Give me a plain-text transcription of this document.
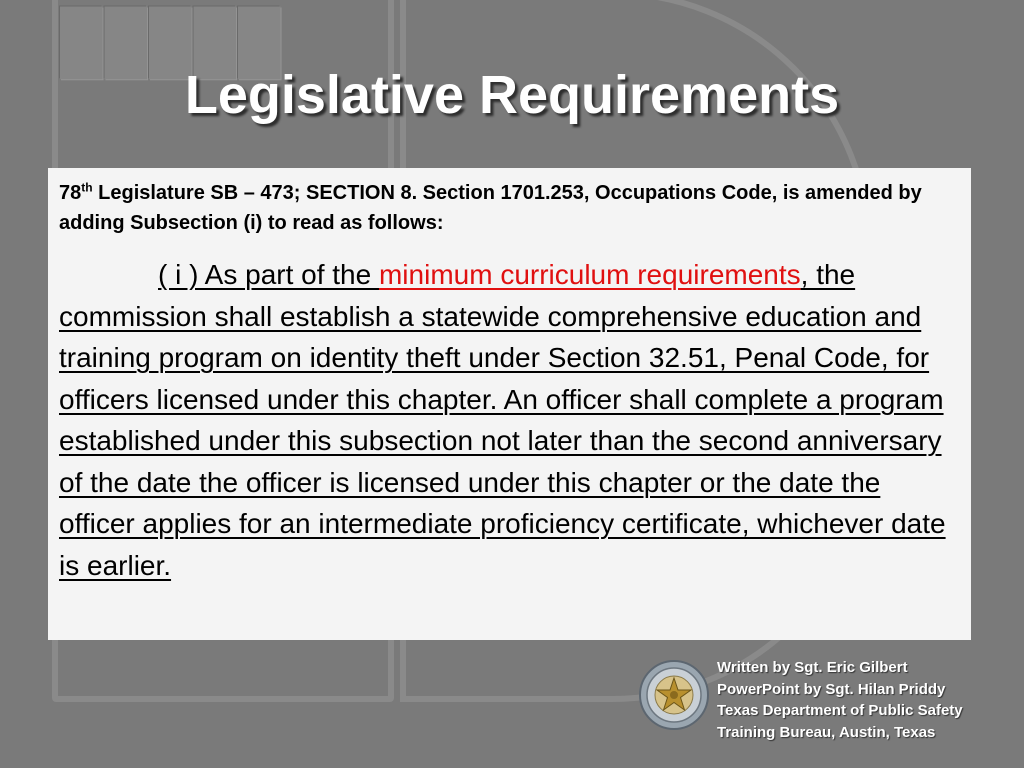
█████
Legislative Requirements
78th Legislature SB – 473; SECTION 8. Section 1701.253, Occupations Code, is amended by adding Subsection (i) to read as follows:
( i ) As part of the minimum curriculum requirements, the commission shall establish a statewide comprehensive education and training program on identity theft under Section 32.51, Penal Code, for officers licensed under this chapter. An officer shall complete a program established under this subsection not later than the second anniversary of the date the officer is licensed under this chapter or the date the officer applies for an intermediate proficiency certificate, whichever date is earlier.
Written by Sgt. Eric Gilbert
PowerPoint by Sgt. Hilan Priddy
Texas Department of Public Safety
Training Bureau, Austin, Texas
